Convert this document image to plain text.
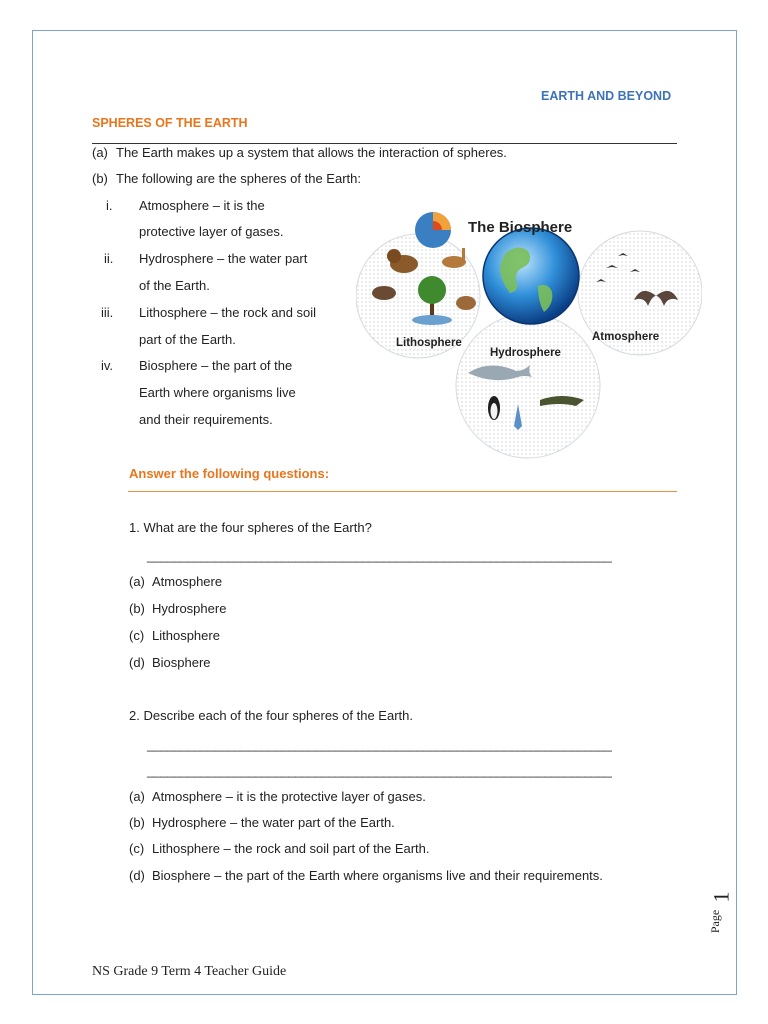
EARTH AND BEYOND
SPHERES OF THE EARTH
(a) The Earth makes up a system that allows the interaction of spheres.
(b) The following are the spheres of the Earth:
i. Atmosphere – it is the
protective layer of gases.
ii. Hydrosphere – the water part
of the Earth.
iii. Lithosphere – the rock and soil
part of the Earth.
iv. Biosphere – the part of the
Earth where organisms live
and their requirements.
The Biosphere
Lithosphere
Hydrosphere
Atmosphere
Answer the following questions:
1. What are the four spheres of the Earth?
_____________________________________________________________________
(a) Atmosphere
(b) Hydrosphere
(c) Lithosphere
(d) Biosphere
2. Describe each of the four spheres of the Earth.
_____________________________________________________________________
_____________________________________________________________________
(a) Atmosphere – it is the protective layer of gases.
(b) Hydrosphere – the water part of the Earth.
(c) Lithosphere – the rock and soil part of the Earth.
(d) Biosphere – the part of the Earth where organisms live and their requirements.
Page
1
NS Grade 9 Term 4 Teacher Guide
